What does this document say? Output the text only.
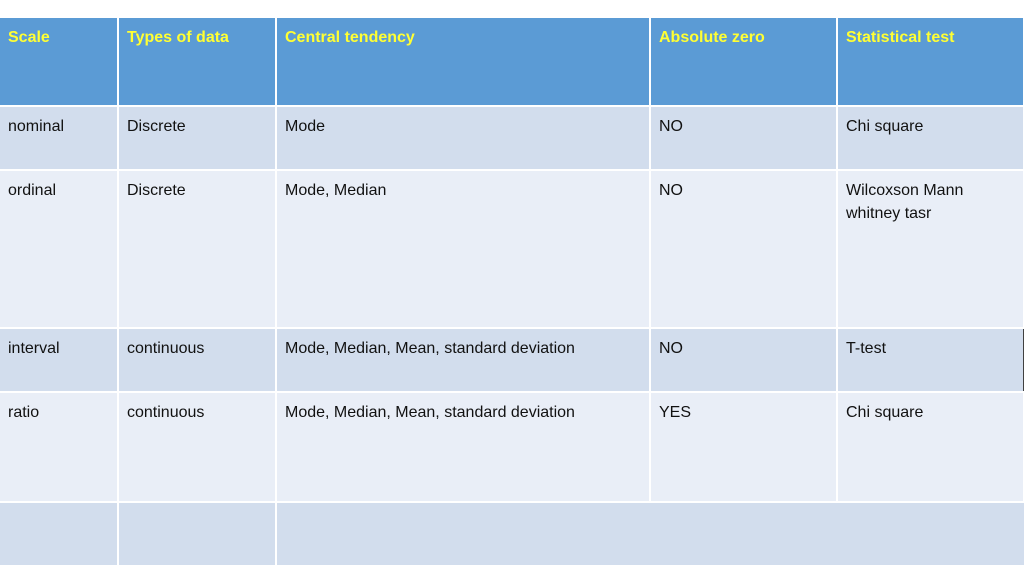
Scale	Types of data	Central tendency	Absolute zero	Statistical test
nominal	Discrete	Mode	NO	Chi square
ordinal	Discrete	Mode, Median	NO	Wilcoxson Mann whitney tasr
interval	continuous	Mode, Median, Mean, standard deviation	NO	T-test
ratio	continuous	Mode, Median, Mean, standard deviation	YES	Chi square
